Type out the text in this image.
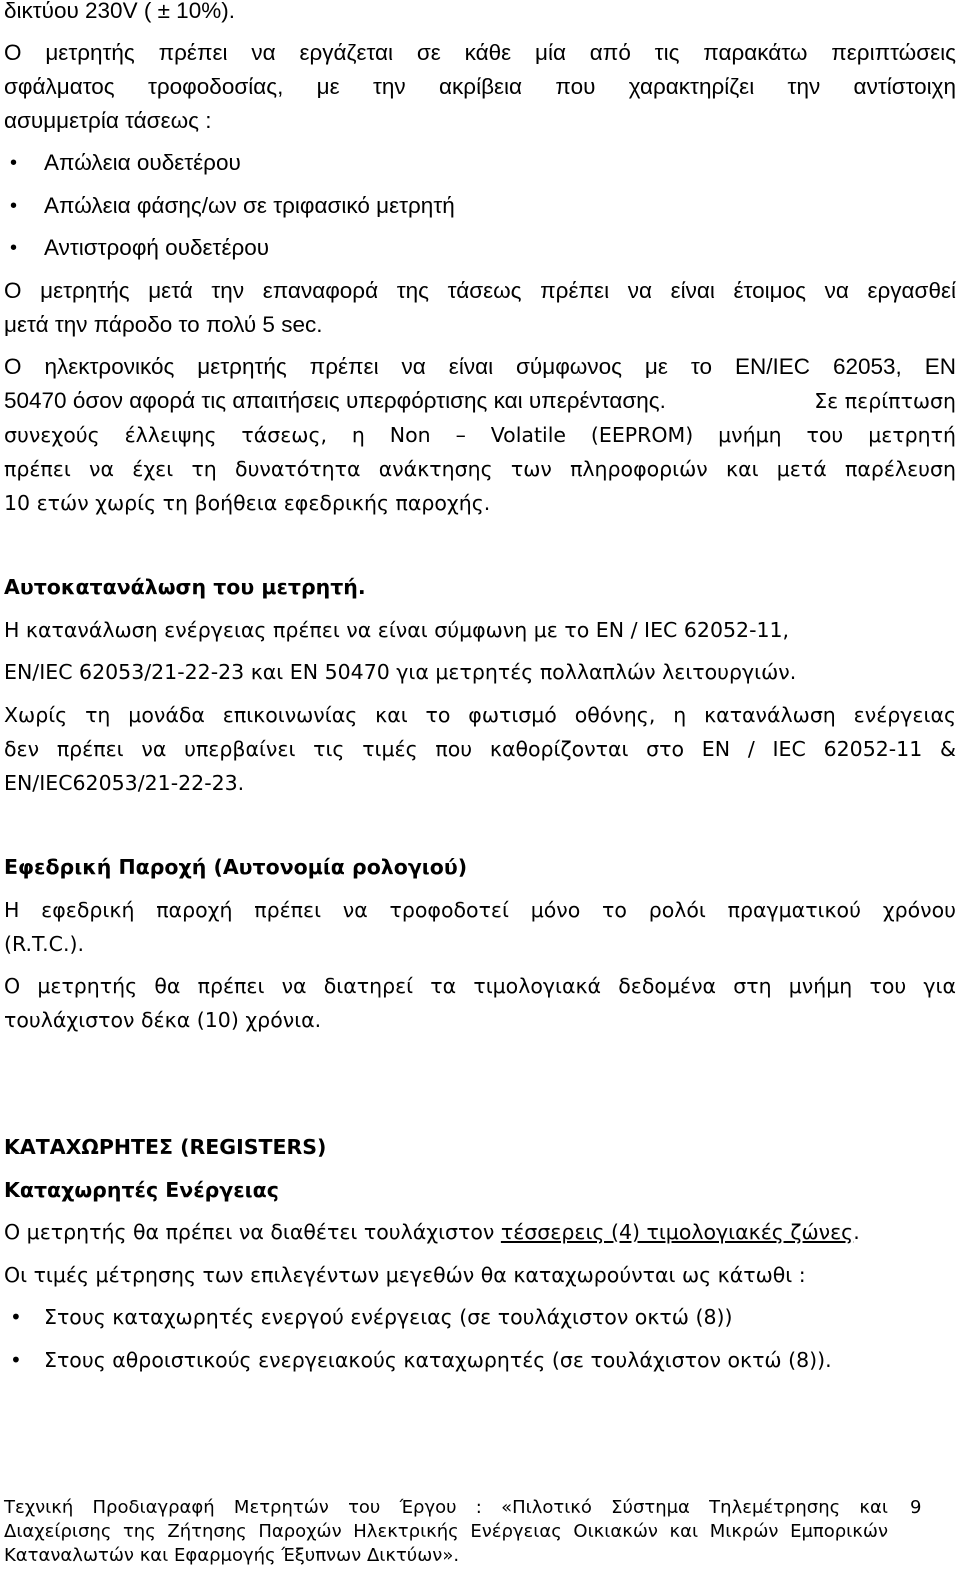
δικτύου 230V ( ± 10%).
Ο μετρητής πρέπει να εργάζεται σε κάθε μία από τις παρακάτω περιπτώσεις
σφάλματος τροφοδοσίας, με την ακρίβεια που χαρακτηρίζει την αντίστοιχη
ασυμμετρία τάσεως :
• Απώλεια ουδετέρου
• Απώλεια φάσης/ων σε τριφασικό μετρητή
• Αντιστροφή ουδετέρου
Ο μετρητής μετά την επαναφορά της τάσεως πρέπει να είναι έτοιμος να εργασθεί
μετά την πάροδο το πολύ 5 sec.
Ο ηλεκτρονικός μετρητής πρέπει να είναι σύμφωνος με το EN/IEC 62053, EN
50470 όσον αφορά τις απαιτήσεις υπερφόρτισης και υπερέντασης.	Σε περίπτωση
συνεχούς έλλειψης τάσεως, η Non – Volatile (EEPROM) μνήμη του μετρητή
πρέπει να έχει τη δυνατότητα ανάκτησης των πληροφοριών και μετά παρέλευση
10 ετών χωρίς τη βοήθεια εφεδρικής παροχής.
Αυτοκατανάλωση του μετρητή.
Η κατανάλωση ενέργειας πρέπει να είναι σύμφωνη με το EN / IEC 62052-11,
EN/IEC 62053/21-22-23 και EN 50470 για μετρητές πολλαπλών λειτουργιών.
Χωρίς τη μονάδα επικοινωνίας και το φωτισμό οθόνης, η κατανάλωση ενέργειας
δεν πρέπει να υπερβαίνει τις τιμές που καθορίζονται στο EN / IEC 62052-11 &
EN/IEC62053/21-22-23.
Εφεδρική Παροχή (Αυτονομία ρολογιού)
Η εφεδρική παροχή πρέπει να τροφοδοτεί μόνο το ρολόι πραγματικού χρόνου
(R.T.C.).
Ο μετρητής θα πρέπει να διατηρεί τα τιμολογιακά δεδομένα στη μνήμη του για
τουλάχιστον δέκα (10) χρόνια.
ΚΑΤΑΧΩΡΗΤΕΣ (REGISTERS)
Καταχωρητές Ενέργειας
Ο μετρητής θα πρέπει να διαθέτει τουλάχιστον τέσσερεις (4) τιμολογιακές ζώνες.
Οι τιμές μέτρησης των επιλεγέντων μεγεθών θα καταχωρούνται ως κάτωθι :
• Στους καταχωρητές ενεργού ενέργειας (σε τουλάχιστον οκτώ (8))
• Στους αθροιστικούς ενεργειακούς καταχωρητές (σε τουλάχιστον οκτώ (8)).
Τεχνική Προδιαγραφή Μετρητών του Έργου : «Πιλοτικό Σύστημα Τηλεμέτρησης και
Διαχείρισης της Ζήτησης Παροχών Ηλεκτρικής Ενέργειας Οικιακών και Μικρών Εμπορικών
Καταναλωτών και Εφαρμογής Έξυπνων Δικτύων».
9
